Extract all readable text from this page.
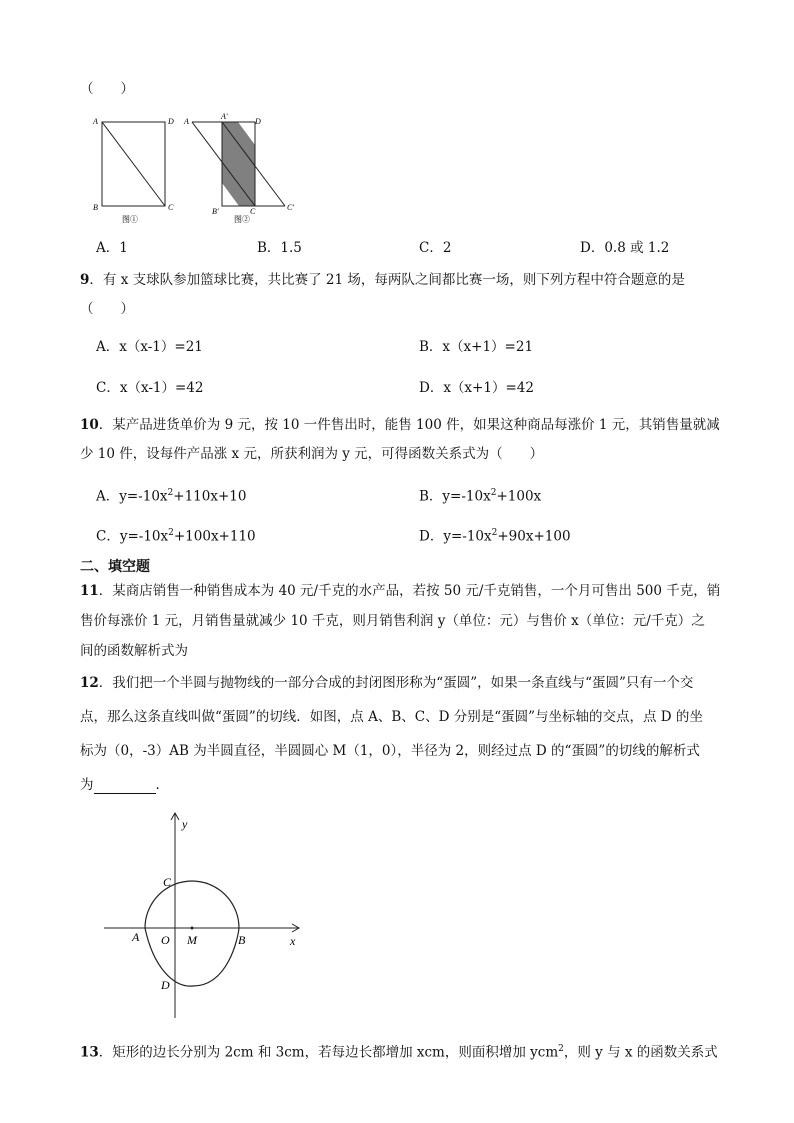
（　　）
A	D
B	C
图①
A
A'
D
B'	C	C'
图②
A．1	B．1.5	C．2	D．0.8 或 1.2
9．有 x 支球队参加篮球比赛，共比赛了 21 场，每两队之间都比赛一场，则下列方程中符合题意的是
（　　）
A．x（x-1）=21	B．x（x+1）=21
C．x（x-1）=42	D．x（x+1）=42
10．某产品进货单价为 9 元，按 10 一件售出时，能售 100 件，如果这种商品每涨价 1 元，其销售量就减
少 10 件，设每件产品涨 x 元，所获利润为 y 元，可得函数关系式为（　　）
A．$y=-10x^2+110x+10$	B．$y=-10x^2+100x$
C．$y=-10x^2+100x+110$	D．$y=-10x^2+90x+100$
二、填空题
11．某商店销售一种销售成本为 40 元/千克的水产品，若按 50 元/千克销售，一个月可售出 500 千克，销
售价每涨价 1 元，月销售量就减少 10 千克，则月销售利润 y（单位：元）与售价 x（单位：元/千克）之
间的函数解析式为
12．我们把一个半圆与抛物线的一部分合成的封闭图形称为“蛋圆”，如果一条直线与“蛋圆”只有一个交
点，那么这条直线叫做“蛋圆”的切线．如图，点 A、B、C、D 分别是“蛋圆”与坐标轴的交点，点 D 的坐
标为（0，-3）AB 为半圆直径，半圆圆心 M（1，0），半径为 2，则经过点 D 的“蛋圆”的切线的解析式
为	．
y
x
C
A O M	B
D
13．矩形的边长分别为 2cm 和 3cm，若每边长都增加 xcm，则面积增加 ycm$^2$，则 y 与 x 的函数关系式
